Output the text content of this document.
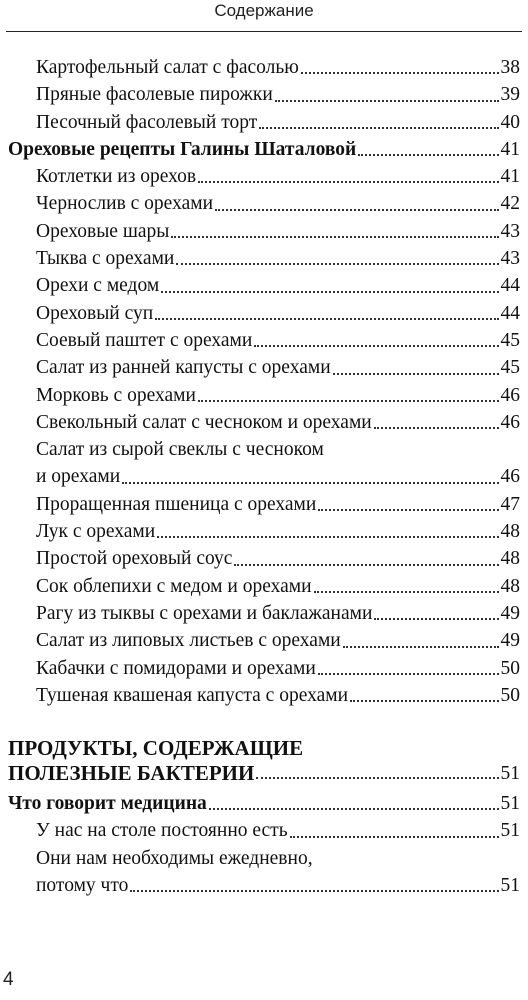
Содержание
Картофельный салат с фасолью	38
Пряные фасолевые пирожки	39
Песочный фасолевый торт	40
Ореховые рецепты Галины Шаталовой	41
Котлетки из орехов	41
Чернослив с орехами	42
Ореховые шары	43
Тыква с орехами	43
Орехи с медом	44
Ореховый суп	44
Соевый паштет с орехами	45
Салат из ранней капусты с орехами	45
Морковь с орехами	46
Свекольный салат с чесноком и орехами	46
Салат из сырой свеклы с чесноком
и орехами	46
Проращенная пшеница с орехами	47
Лук с орехами	48
Простой ореховый соус	48
Сок облепихи с медом и орехами	48
Рагу из тыквы с орехами и баклажанами	49
Салат из липовых листьев с орехами	49
Кабачки с помидорами и орехами	50
Тушеная квашеная капуста с орехами	50
ПРОДУКТЫ, СОДЕРЖАЩИЕ
ПОЛЕЗНЫЕ БАКТЕРИИ	51
Что говорит медицина	51
У нас на столе постоянно есть	51
Они нам необходимы ежедневно,
потому что	51
4
